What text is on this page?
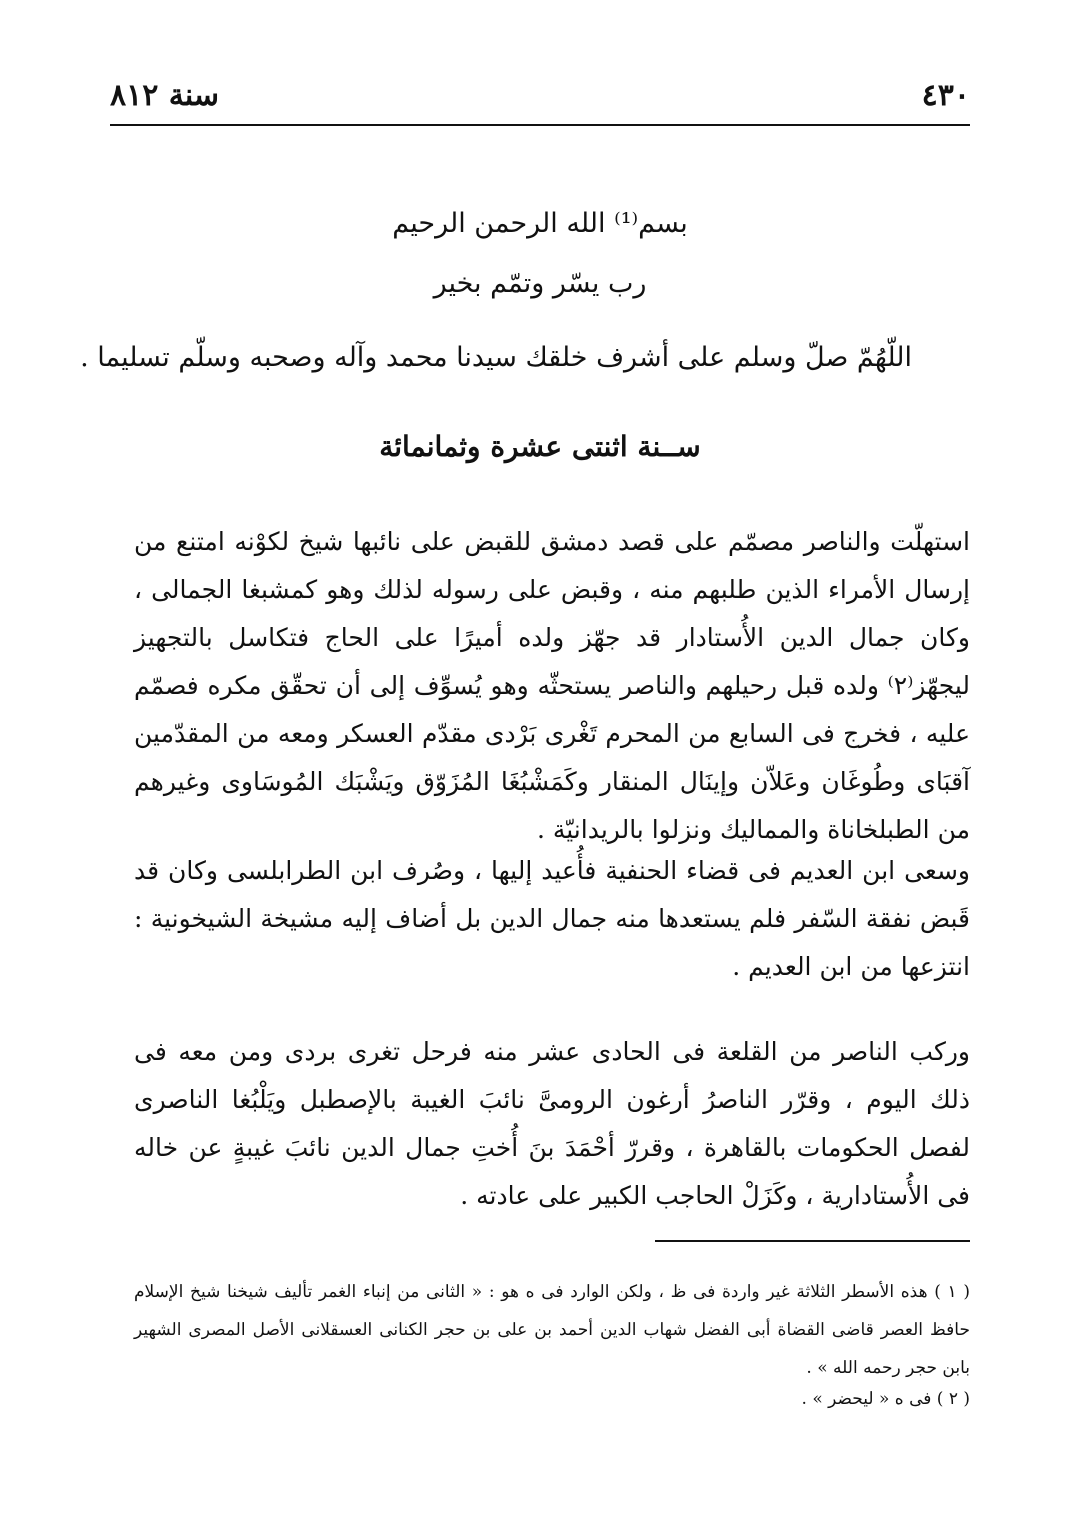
٤٣٠
سنة ٨١٢
بسم⁽¹⁾ الله الرحمن الرحيم
رب يسّر وتمّم بخير
اللّهُمّ صلّ وسلم على أشرف خلقك سيدنا محمد وآله وصحبه وسلّم تسليما .
ســنة اثنتى عشرة وثمانمائة
استهلّت والناصر مصمّم على قصد دمشق للقبض على نائبها شيخ لكوْنه امتنع من إرسال الأمراء الذين طلبهم منه ، وقبض على رسوله لذلك وهو كمشبغا الجمالى ، وكان جمال الدين الأُستادار قد جهّز ولده أميرًا على الحاج فتكاسل بالتجهيز ليجهّز⁽٢⁾ ولده قبل رحيلهم والناصر يستحثّه وهو يُسوِّف إلى أن تحقّق مكره فصمّم عليه ، فخرج فى السابع من المحرم تَغْرى بَرْدى مقدّم العسكر ومعه من المقدّمين آقبَاى وطُوغَان وعَلاّن وإينَال المنقار وكَمَشْبُغَا المُزَوّق ويَشْبَك المُوسَاوى وغيرهم من الطبلخاناة والمماليك ونزلوا بالريدانيّة .
وسعى ابن العديم فى قضاء الحنفية فأُعيد إليها ، وصُرف ابن الطرابلسى وكان قد قَبض نفقة السّفر فلم يستعدها منه جمال الدين بل أضاف إليه مشيخة الشيخونية : انتزعها من ابن العديم .
وركب الناصر من القلعة فى الحادى عشر منه فرحل تغرى بردى ومن معه فى ذلك اليوم ، وقرّر الناصرُ أرغون الرومىَّ نائبَ الغيبة بالإصطبل ويَلْبُغا الناصرى لفصل الحكومات بالقاهرة ، وقررّ أحْمَدَ بنَ أُختِ جمال الدين نائبَ غيبةٍ عن خاله فى الأُستادارية ، وكَزَلْ الحاجب الكبير على عادته .
( ١ ) هذه الأسطر الثلاثة غير واردة فى ظ ، ولكن الوارد فى ه هو : « الثانى من إنباء الغمر تأليف شيخنا شيخ الإسلام حافظ العصر قاضى القضاة أبى الفضل شهاب الدين أحمد بن على بن حجر الكنانى العسقلانى الأصل المصرى الشهير بابن حجر رحمه الله » .
( ٢ ) فى ه « ليحضر » .
